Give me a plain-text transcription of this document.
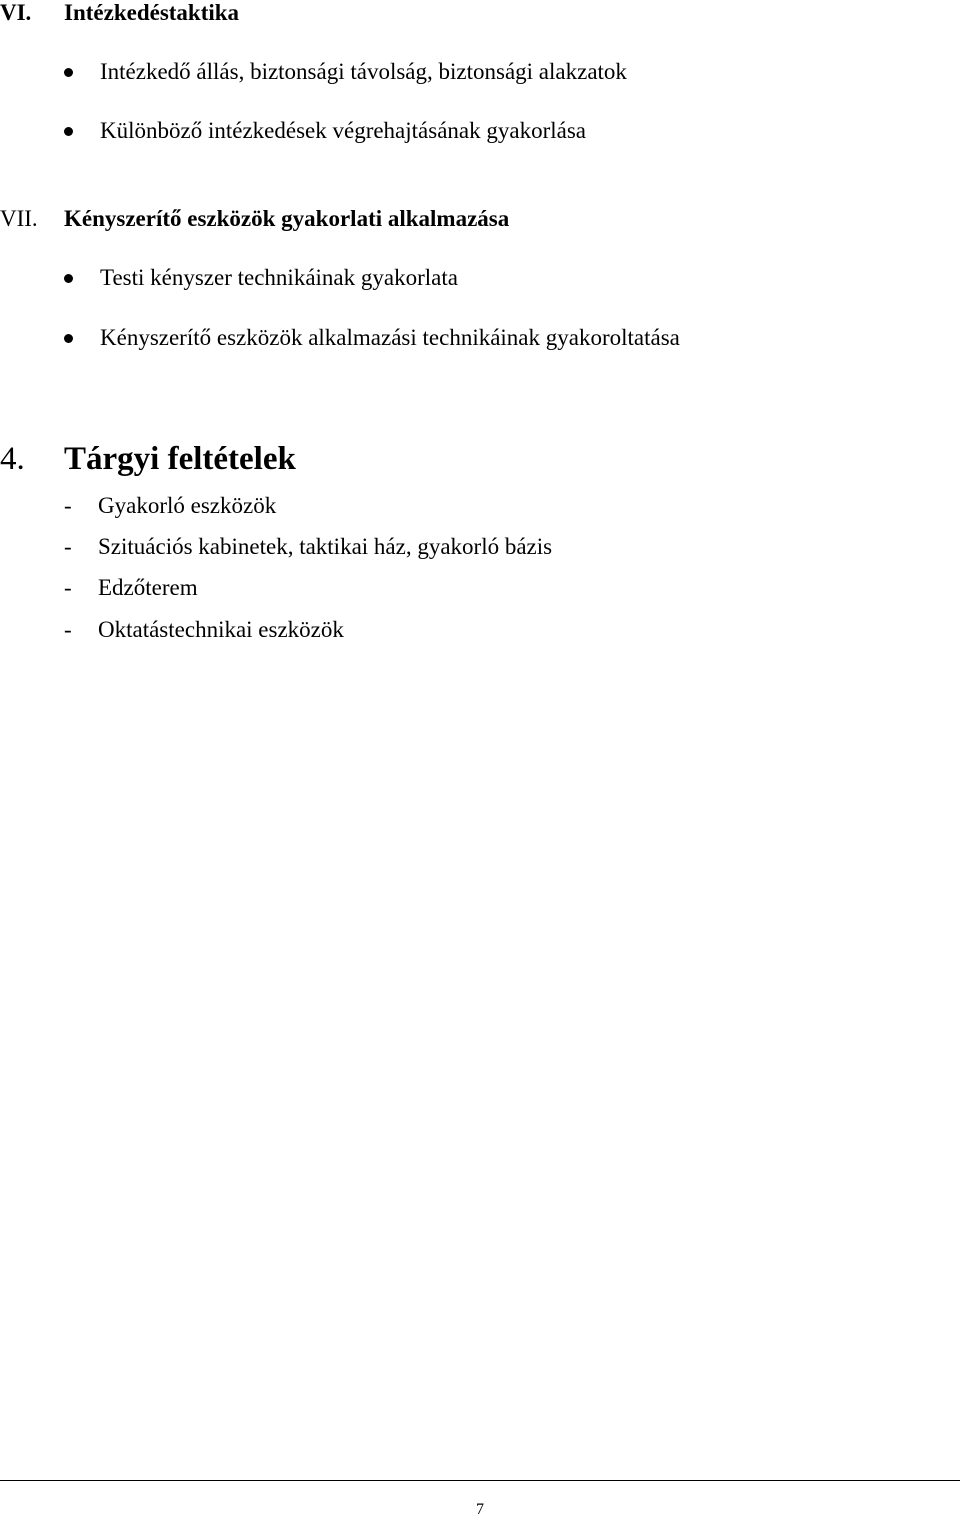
VI. Intézkedéstaktika
Intézkedő állás, biztonsági távolság, biztonsági alakzatok
Különböző intézkedések végrehajtásának gyakorlása
VII. Kényszerítő eszközök gyakorlati alkalmazása
Testi kényszer technikáinak gyakorlata
Kényszerítő eszközök alkalmazási technikáinak gyakoroltatása
4. Tárgyi feltételek
- Gyakorló eszközök
- Szituációs kabinetek, taktikai ház, gyakorló bázis
- Edzőterem
- Oktatástechnikai eszközök
7
